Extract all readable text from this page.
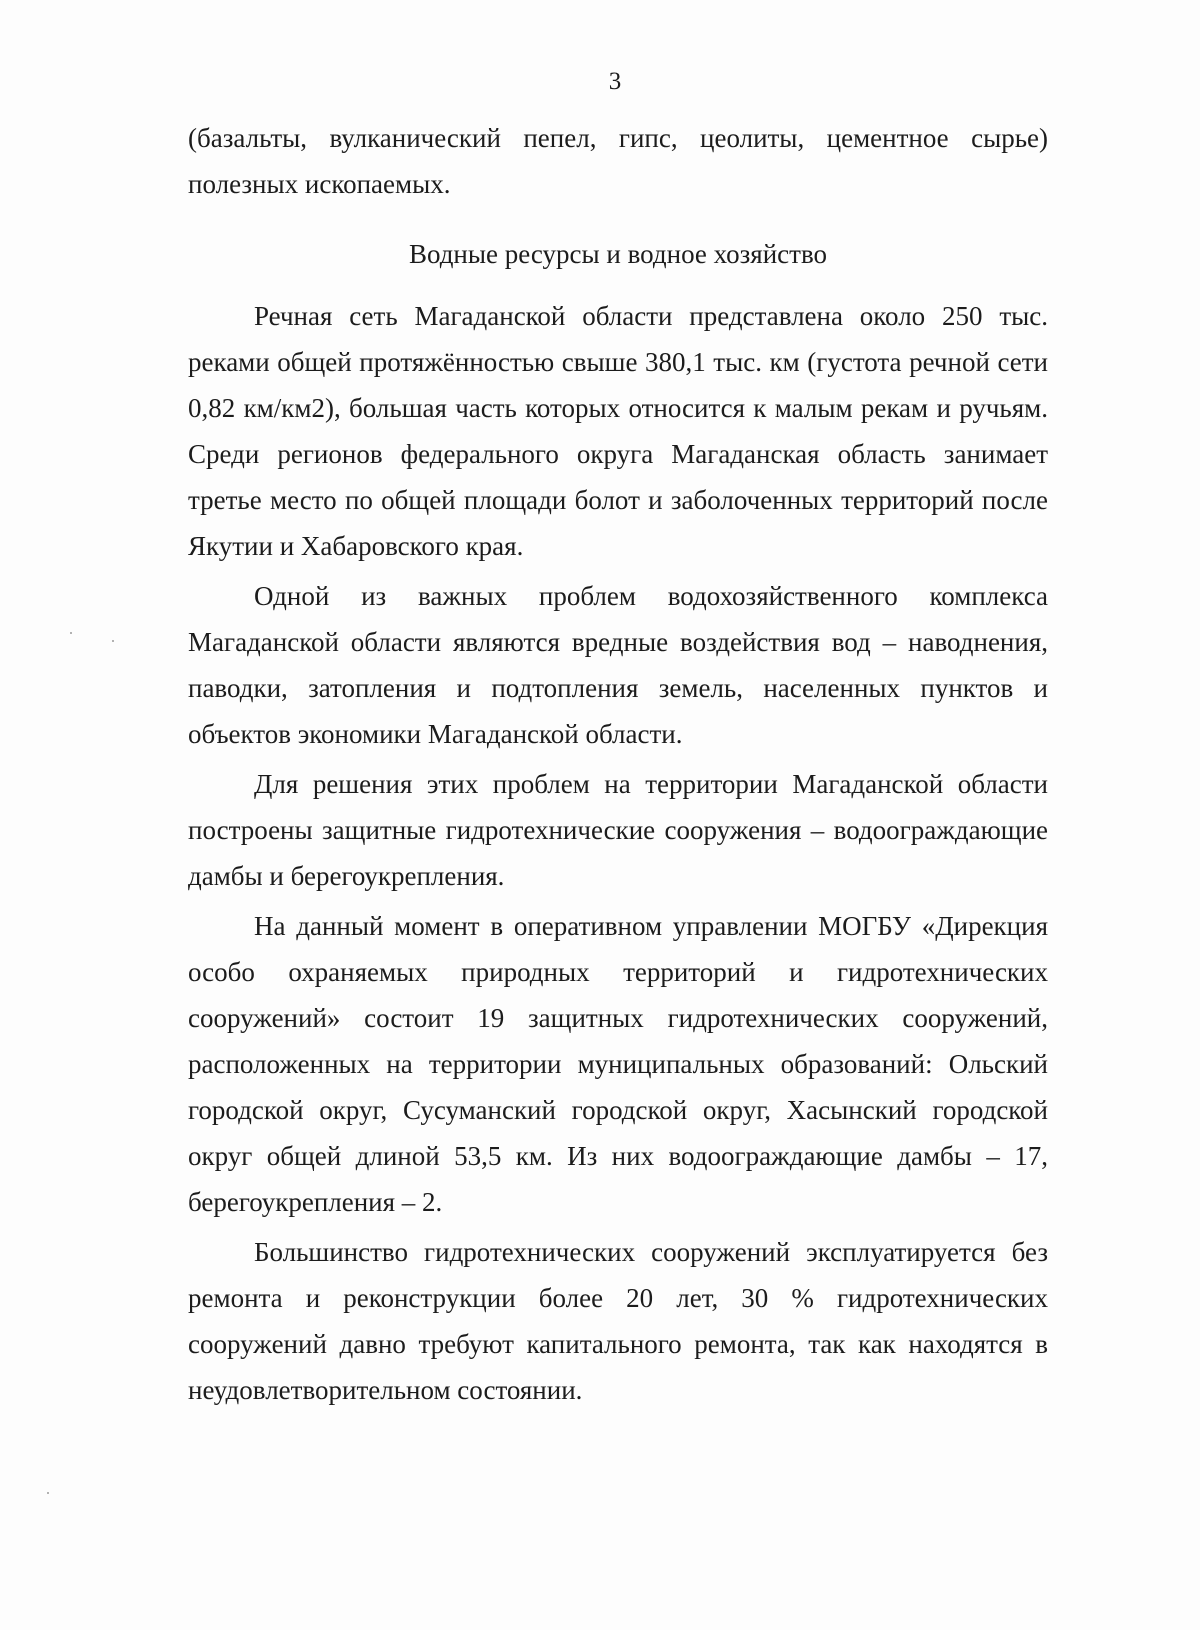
3

(базальты, вулканический пепел, гипс, цеолиты, цементное сырье) полезных ископаемых.

Водные ресурсы и водное хозяйство

Речная сеть Магаданской области представлена около 250 тыс. реками общей протяжённостью свыше 380,1 тыс. км (густота речной сети 0,82 км/км2), большая часть которых относится к малым рекам и ручьям. Среди регионов федерального округа Магаданская область занимает третье место по общей площади болот и заболоченных территорий после Якутии и Хабаровского края.

Одной из важных проблем водохозяйственного комплекса Магаданской области являются вредные воздействия вод – наводнения, паводки, затопления и подтопления земель, населенных пунктов и объектов экономики Магаданской области.

Для решения этих проблем на территории Магаданской области построены защитные гидротехнические сооружения – водоограждающие дамбы и берегоукрепления.

На данный момент в оперативном управлении МОГБУ «Дирекция особо охраняемых природных территорий и гидротехнических сооружений» состоит 19 защитных гидротехнических сооружений, расположенных на территории муниципальных образований: Ольский городской округ, Сусуманский городской округ, Хасынский городской округ общей длиной 53,5 км. Из них водоограждающие дамбы – 17, берегоукрепления – 2.

Большинство гидротехнических сооружений эксплуатируется без ремонта и реконструкции более 20 лет, 30 % гидротехнических сооружений давно требуют капитального ремонта, так как находятся в неудовлетворительном состоянии.
